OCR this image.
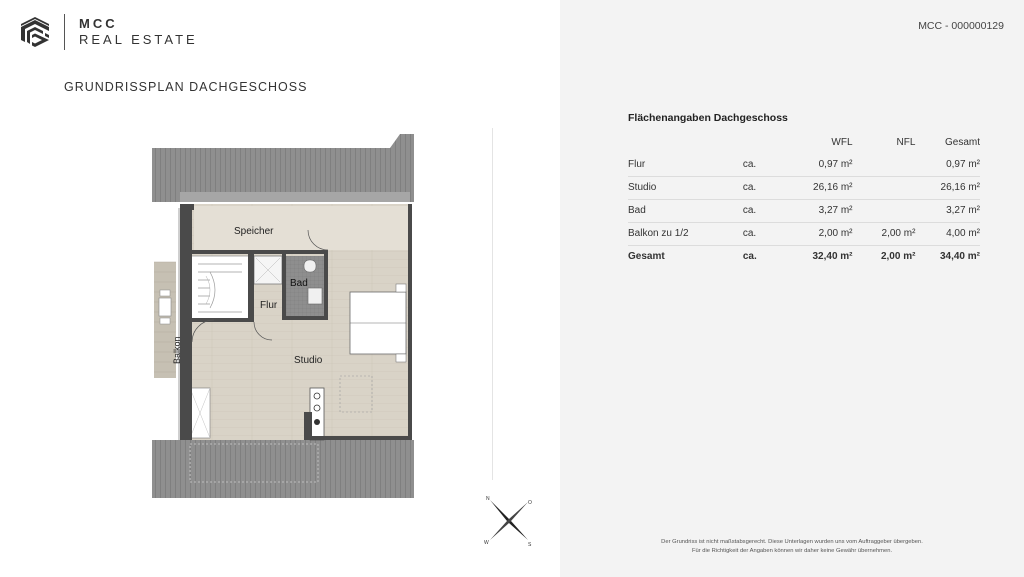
MCC
REAL ESTATE
GRUNDRISSPLAN DACHGESCHOSS
Speicher
Bad
Flur
Studio
Balkon
N
O
S
W
MCC - 000000129
Flächenangaben Dachgeschoss
		WFL	NFL	Gesamt
Flur	ca.	0,97 m²		0,97 m²
Studio	ca.	26,16 m²		26,16 m²
Bad	ca.	3,27 m²		3,27 m²
Balkon zu 1/2	ca.	2,00 m²	2,00 m²	4,00 m²
Gesamt	ca.	32,40 m²	2,00 m²	34,40 m²
Der Grundriss ist nicht maßstabsgerecht. Diese Unterlagen wurden uns vom Auftraggeber übergeben.
Für die Richtigkeit der Angaben können wir daher keine Gewähr übernehmen.
